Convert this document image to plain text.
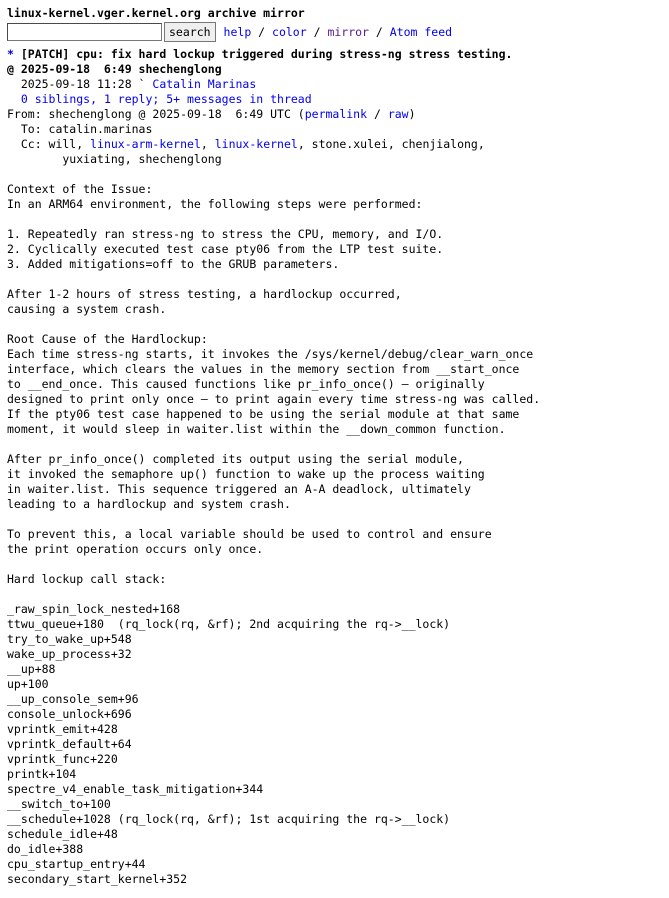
linux-kernel.vger.kernel.org archive mirror
search	help / color / mirror / Atom feed
* [PATCH] cpu: fix hard lockup triggered during stress-ng stress testing.
@ 2025-09-18  6:49 shechenglong
2025-09-18 11:28 ` Catalin Marinas
0 siblings, 1 reply; 5+ messages in thread
From: shechenglong @ 2025-09-18  6:49 UTC (permalink / raw)
To: catalin.marinas
Cc: will, linux-arm-kernel, linux-kernel, stone.xulei, chenjialong,
yuxiating, shechenglong
Context of the Issue:
In an ARM64 environment, the following steps were performed:

1. Repeatedly ran stress-ng to stress the CPU, memory, and I/O.
2. Cyclically executed test case pty06 from the LTP test suite.
3. Added mitigations=off to the GRUB parameters.

After 1-2 hours of stress testing, a hardlockup occurred,
causing a system crash.

Root Cause of the Hardlockup:
Each time stress-ng starts, it invokes the /sys/kernel/debug/clear_warn_once
interface, which clears the values in the memory section from __start_once
to __end_once. This caused functions like pr_info_once() — originally
designed to print only once — to print again every time stress-ng was called.
If the pty06 test case happened to be using the serial module at that same
moment, it would sleep in waiter.list within the __down_common function.

After pr_info_once() completed its output using the serial module,
it invoked the semaphore up() function to wake up the process waiting
in waiter.list. This sequence triggered an A-A deadlock, ultimately
leading to a hardlockup and system crash.

To prevent this, a local variable should be used to control and ensure
the print operation occurs only once.

Hard lockup call stack:

_raw_spin_lock_nested+168
ttwu_queue+180  (rq_lock(rq, &rf); 2nd acquiring the rq->__lock)
try_to_wake_up+548
wake_up_process+32
__up+88
up+100
__up_console_sem+96
console_unlock+696
vprintk_emit+428
vprintk_default+64
vprintk_func+220
printk+104
spectre_v4_enable_task_mitigation+344
__switch_to+100
__schedule+1028 (rq_lock(rq, &rf); 1st acquiring the rq->__lock)
schedule_idle+48
do_idle+388
cpu_startup_entry+44
secondary_start_kernel+352
